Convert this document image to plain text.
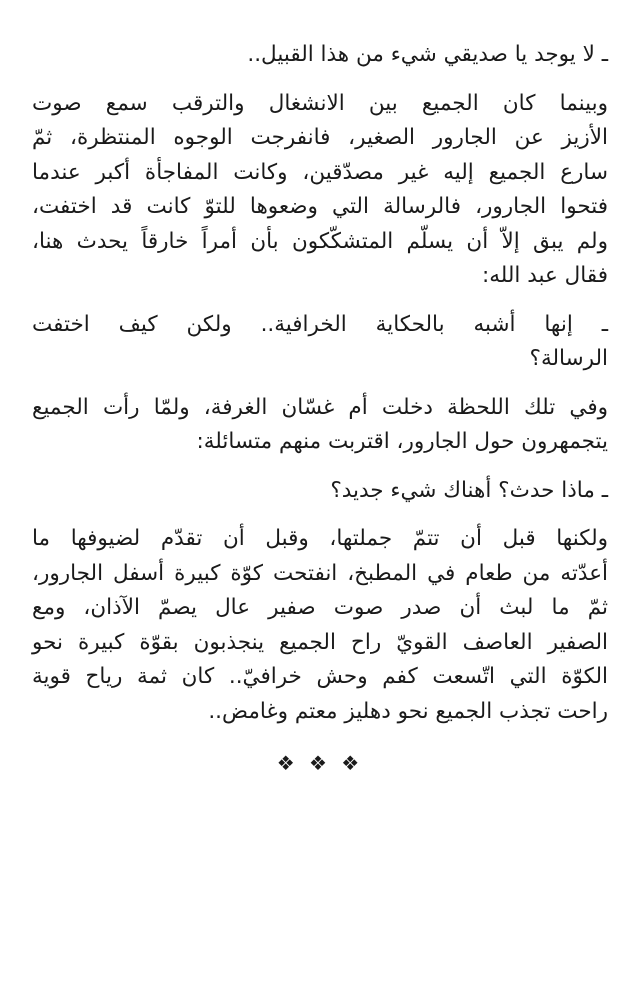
ـ لا يوجد يا صديقي شيء من هذا القبيل..

وبينما كان الجميع بين الانشغال والترقب سمع صوت
الأزيز عن الجارور الصغير، فانفرجت الوجوه المنتظرة، ثمّ
سارع الجميع إليه غير مصدّقين، وكانت المفاجأة أكبر عندما
فتحوا الجارور، فالرسالة التي وضعوها للتوّ كانت قد اختفت،
ولم يبق إلاّ أن يسلّم المتشكّكون بأن أمراً خارقاً يحدث هنا،
فقال عبد الله:

ـ إنها أشبه بالحكاية الخرافية.. ولكن كيف اختفت
الرسالة؟

وفي تلك اللحظة دخلت أم غسّان الغرفة، ولمّا رأت الجميع
يتجمهرون حول الجارور، اقتربت منهم متسائلة:

ـ ماذا حدث؟ أهناك شيء جديد؟

ولكنها قبل أن تتمّ جملتها، وقبل أن تقدّم لضيوفها ما
أعدّته من طعام في المطبخ، انفتحت كوّة كبيرة أسفل الجارور،
ثمّ ما لبث أن صدر صوت صفير عال يصمّ الآذان، ومع
الصفير العاصف القويّ راح الجميع ينجذبون بقوّة كبيرة نحو
الكوّة التي اتّسعت كفم وحش خرافيّ.. كان ثمة رياح قوية
راحت تجذب الجميع نحو دهليز معتم وغامض..

❖ ❖ ❖
